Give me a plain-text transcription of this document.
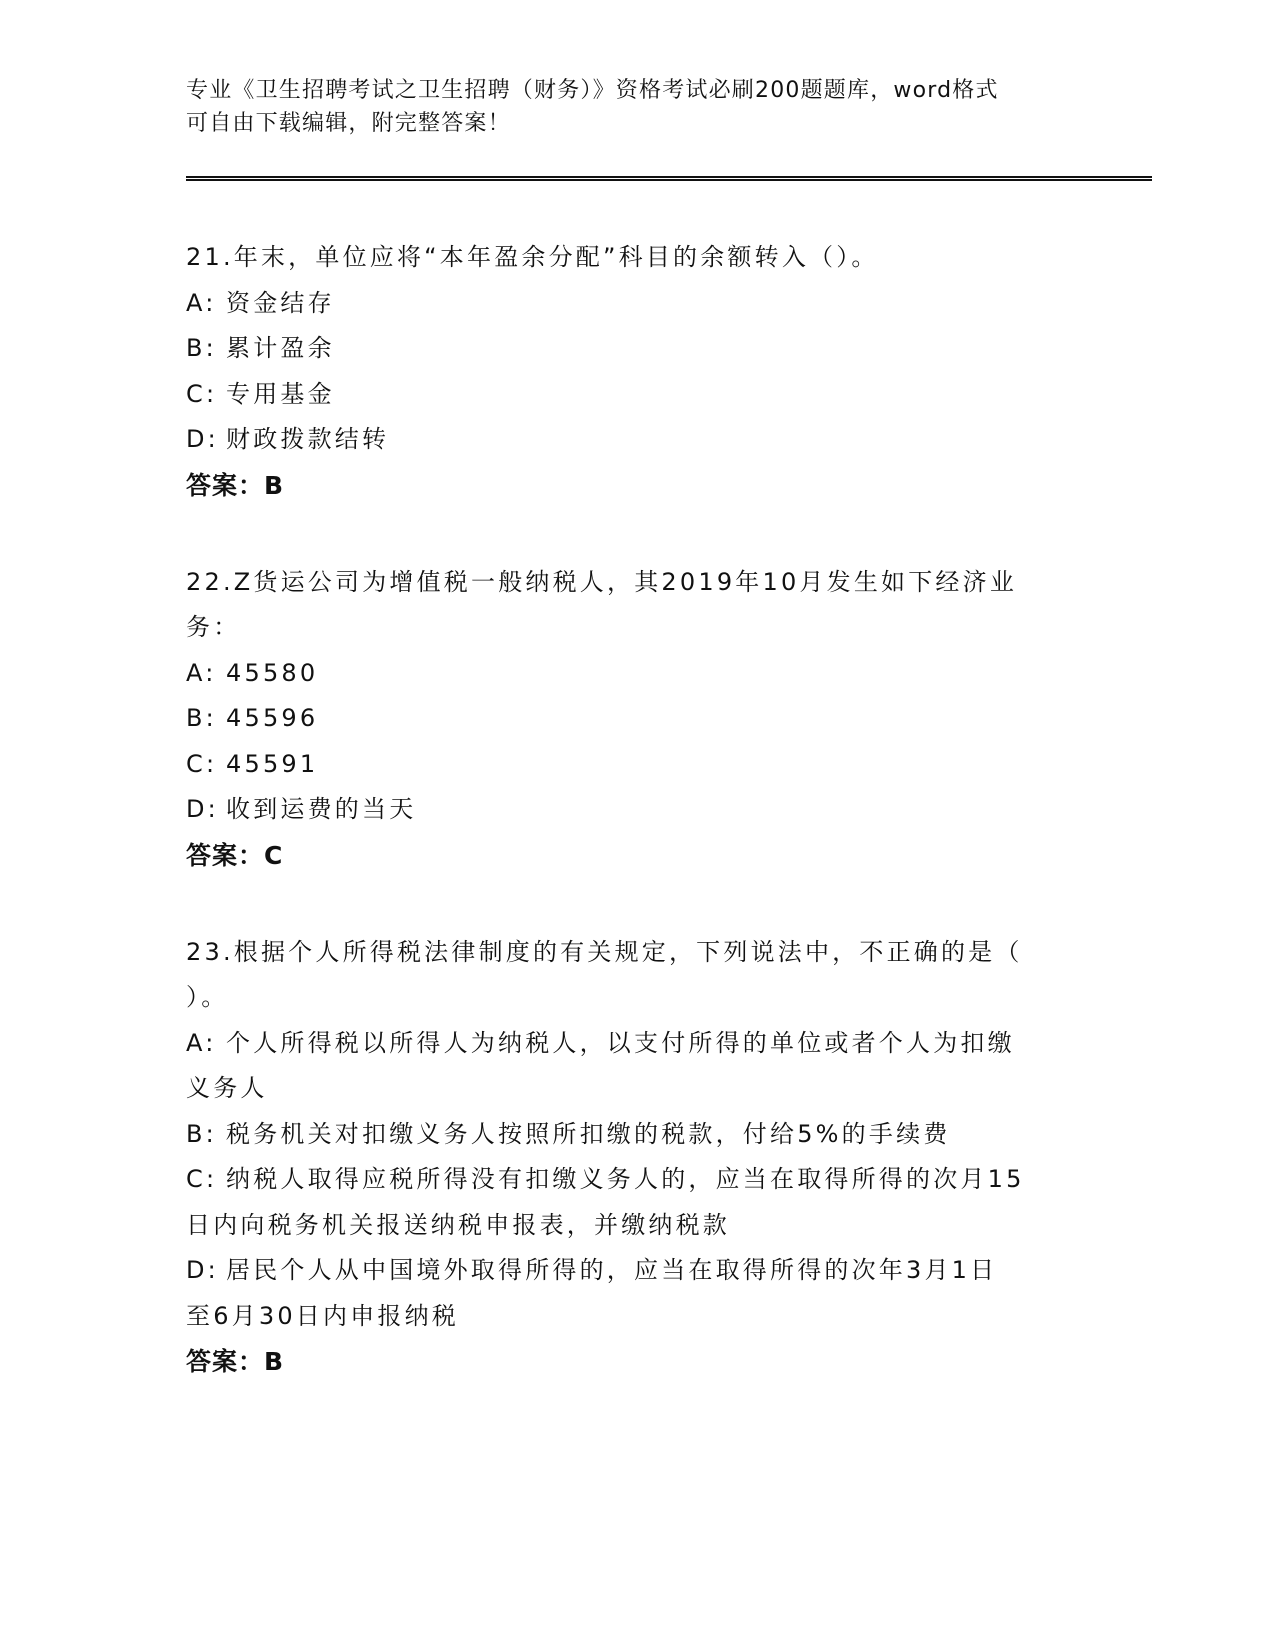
专业《卫生招聘考试之卫生招聘（财务）》资格考试必刷200题题库，word格式
可自由下载编辑，附完整答案！

21.年末，单位应将“本年盈余分配”科目的余额转入（）。

A: 资金结存

B: 累计盈余

C: 专用基金

D: 财政拨款结转

答案：B

22.Z货运公司为增值税一般纳税人，其2019年10月发生如下经济业

务：

A: 45580

B: 45596

C: 45591

D: 收到运费的当天

答案：C

23.根据个人所得税法律制度的有关规定，下列说法中，不正确的是（

）。

A: 个人所得税以所得人为纳税人，以支付所得的单位或者个人为扣缴

义务人

B: 税务机关对扣缴义务人按照所扣缴的税款，付给5%的手续费

C: 纳税人取得应税所得没有扣缴义务人的，应当在取得所得的次月15

日内向税务机关报送纳税申报表，并缴纳税款

D: 居民个人从中国境外取得所得的，应当在取得所得的次年3月1日

至6月30日内申报纳税

答案：B
